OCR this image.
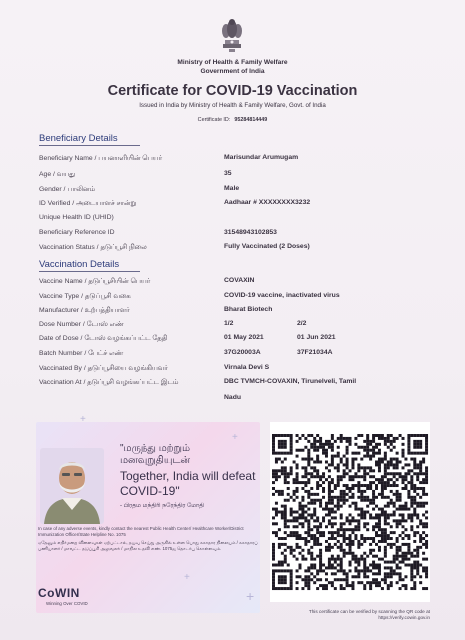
Ministry of Health & Family Welfare
Government of India
Certificate for COVID-19 Vaccination
Issued in India by Ministry of Health & Family Welfare, Govt. of India
Certificate ID: 95284814449
Beneficiary Details
Beneficiary Name / பயனாளியின் பெயர்	Marisundar Arumugam
Age / வயது	35
Gender / பாலினம்	Male
ID Verified / அடையாளச் சான்று	Aadhaar # XXXXXXXX3232
Unique Health ID (UHID)
Beneficiary Reference ID	31548943102853
Vaccination Status / தடுப்பூசி நிலை	Fully Vaccinated (2 Doses)
Vaccination Details
Vaccine Name / தடுப்பூசியின் பெயர்	COVAXIN
Vaccine Type / தடுப்பூசி வகை	COVID-19 vaccine, inactivated virus
Manufacturer / உற்பத்தியாளர்	Bharat Biotech
Dose Number / டோஸ் எண்	1/2	2/2
Date of Dose / டோஸ் வழங்கப்பட்ட தேதி	01 May 2021	01 Jun 2021
Batch Number / பேட்ச் எண்	37G20003A	37F21034A
Vaccinated By / தடுப்பூசியை வழங்கியவர்	Virnala Devi S
Vaccination At / தடுப்பூசி வழங்கப்பட்ட இடம்	DBC TVMCH-COVAXIN, Tirunelveli, Tamil Nadu
+
+
+
+
"மருந்து மற்றும் மனவுறுதியுடன்
Together, India will defeat COVID-19"
- பிரதம மந்திரி நரேந்திர மோதி
In case of any adverse events, kindly contact the nearest Public Health Center/ Healthcare Worker/District Immunization Officer/State Helpline No. 1075
ஏதேனும் எதிர்மறை விளைவுகள் ஏற்பட்டால், தயவு செய்து அருகில் உள்ள பொது சுகாதார நிலையம் / சுகாதாரப் பணியாளர் / மாவட்ட தடுப்பூசி அலுவலர் / மாநில உதவி எண். 1075ஐ தொடர்பு கொள்ளவும்.
CoWIN
Winning Over COVID
This certificate can be verified by scanning the QR code at https://verify.cowin.gov.in
